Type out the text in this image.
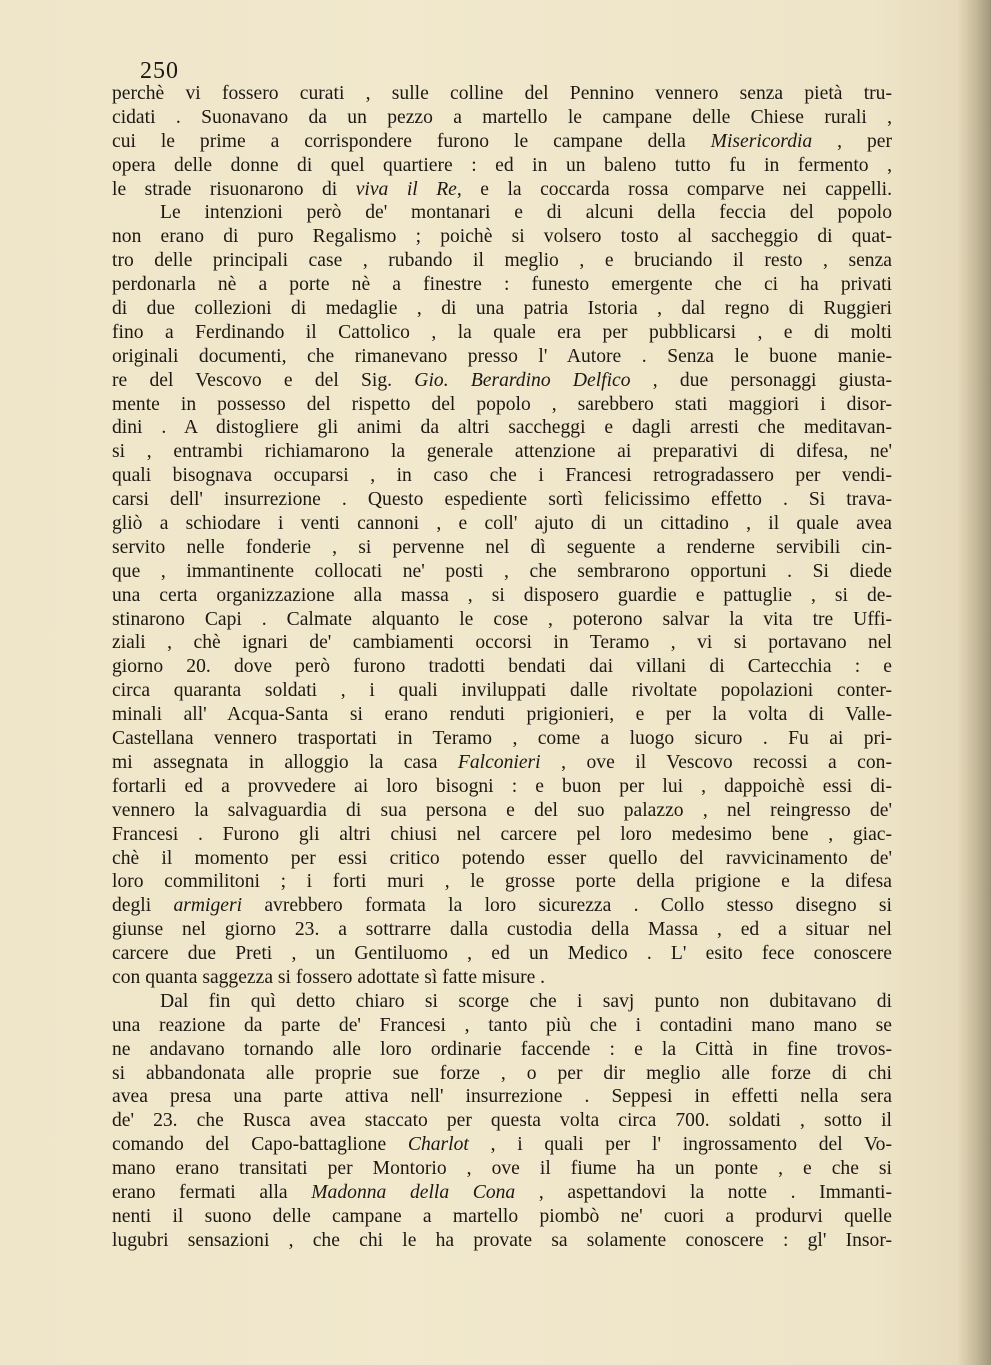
250
perchè vi fossero curati , sulle colline del Pennino vennero senza pietà tru-
cidati . Suonavano da un pezzo a martello le campane delle Chiese rurali ,
cui le prime a corrispondere furono le campane della Misericordia , per
opera delle donne di quel quartiere : ed in un baleno tutto fu in fermento ,
le strade risuonarono di viva il Re, e la coccarda rossa comparve nei cappelli.
Le intenzioni però de' montanari e di alcuni della feccia del popolo
non erano di puro Regalismo ; poichè si volsero tosto al saccheggio di quat-
tro delle principali case , rubando il meglio , e bruciando il resto , senza
perdonarla nè a porte nè a finestre : funesto emergente che ci ha privati
di due collezioni di medaglie , di una patria Istoria , dal regno di Ruggieri
fino a Ferdinando il Cattolico , la quale era per pubblicarsi , e di molti
originali documenti, che rimanevano presso l' Autore . Senza le buone manie-
re del Vescovo e del Sig. Gio. Berardino Delfico , due personaggi giusta-
mente in possesso del rispetto del popolo , sarebbero stati maggiori i disor-
dini . A distogliere gli animi da altri saccheggi e dagli arresti che meditavan-
si , entrambi richiamarono la generale attenzione ai preparativi di difesa, ne'
quali bisognava occuparsi , in caso che i Francesi retrogradassero per vendi-
carsi dell' insurrezione . Questo espediente sortì felicissimo effetto . Si trava-
gliò a schiodare i venti cannoni , e coll' ajuto di un cittadino , il quale avea
servito nelle fonderie , si pervenne nel dì seguente a renderne servibili cin-
que , immantinente collocati ne' posti , che sembrarono opportuni . Si diede
una certa organizzazione alla massa , si disposero guardie e pattuglie , si de-
stinarono Capi . Calmate alquanto le cose , poterono salvar la vita tre Uffi-
ziali , chè ignari de' cambiamenti occorsi in Teramo , vi si portavano nel
giorno 20. dove però furono tradotti bendati dai villani di Cartecchia : e
circa quaranta soldati , i quali inviluppati dalle rivoltate popolazioni conter-
minali all' Acqua-Santa si erano renduti prigionieri, e per la volta di Valle-
Castellana vennero trasportati in Teramo , come a luogo sicuro . Fu ai pri-
mi assegnata in alloggio la casa Falconieri , ove il Vescovo recossi a con-
fortarli ed a provvedere ai loro bisogni : e buon per lui , dappoichè essi di-
vennero la salvaguardia di sua persona e del suo palazzo , nel reingresso de'
Francesi . Furono gli altri chiusi nel carcere pel loro medesimo bene , giac-
chè il momento per essi critico potendo esser quello del ravvicinamento de'
loro commilitoni ; i forti muri , le grosse porte della prigione e la difesa
degli armigeri avrebbero formata la loro sicurezza . Collo stesso disegno si
giunse nel giorno 23. a sottrarre dalla custodia della Massa , ed a situar nel
carcere due Preti , un Gentiluomo , ed un Medico . L' esito fece conoscere
con quanta saggezza si fossero adottate sì fatte misure .
Dal fin quì detto chiaro si scorge che i savj punto non dubitavano di
una reazione da parte de' Francesi , tanto più che i contadini mano mano se
ne andavano tornando alle loro ordinarie faccende : e la Città in fine trovos-
si abbandonata alle proprie sue forze , o per dir meglio alle forze di chi
avea presa una parte attiva nell' insurrezione . Seppesi in effetti nella sera
de' 23. che Rusca avea staccato per questa volta circa 700. soldati , sotto il
comando del Capo-battaglione Charlot , i quali per l' ingrossamento del Vo-
mano erano transitati per Montorio , ove il fiume ha un ponte , e che si
erano fermati alla Madonna della Cona , aspettandovi la notte . Immanti-
nenti il suono delle campane a martello piombò ne' cuori a produrvi quelle
lugubri sensazioni , che chi le ha provate sa solamente conoscere : gl' Insor-
